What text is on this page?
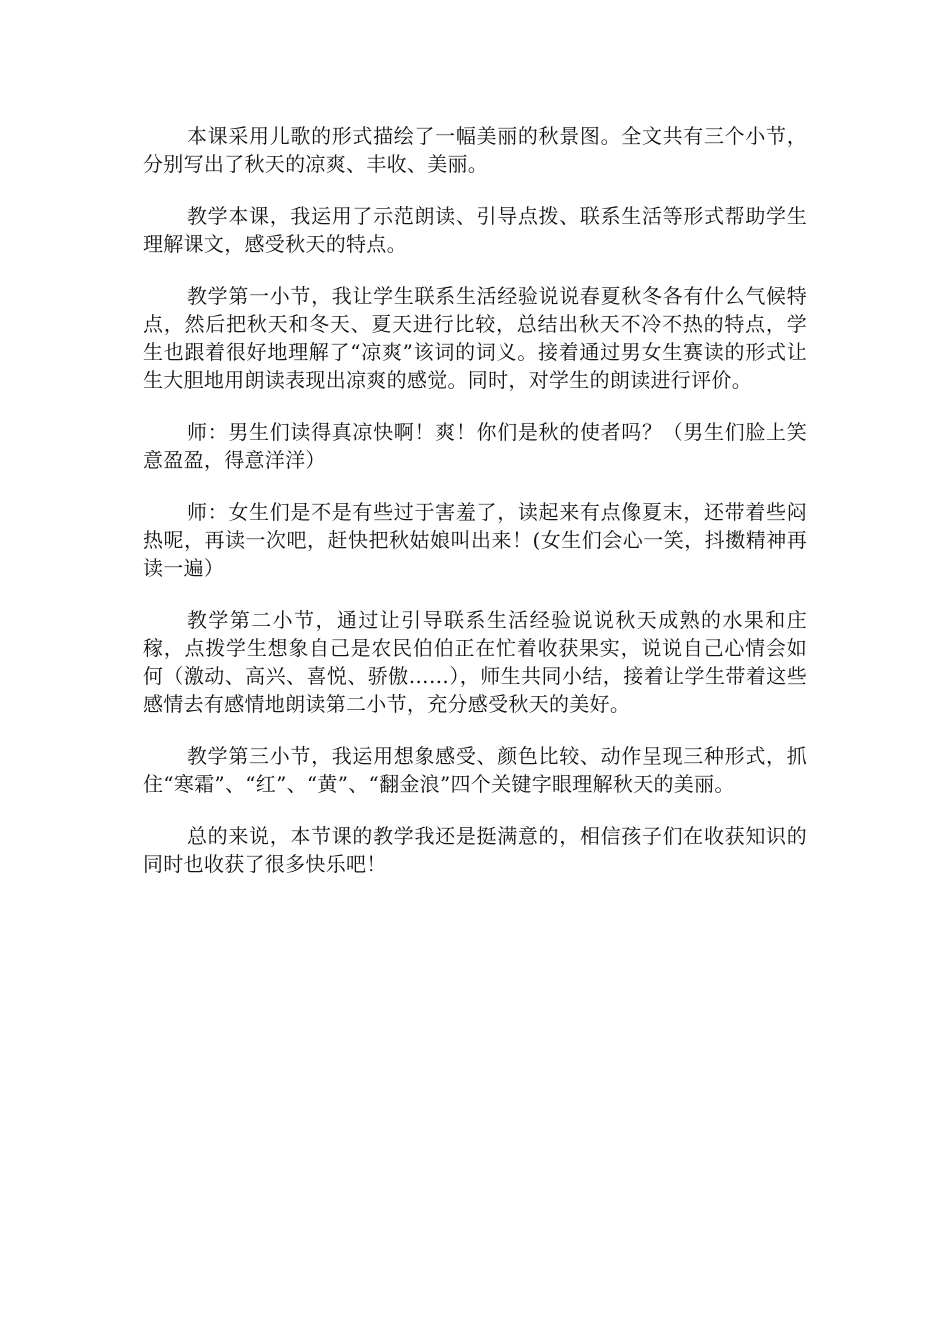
本课采用儿歌的形式描绘了一幅美丽的秋景图。全文共有三个小节，分别写出了秋天的凉爽、丰收、美丽。

教学本课，我运用了示范朗读、引导点拨、联系生活等形式帮助学生理解课文，感受秋天的特点。

教学第一小节，我让学生联系生活经验说说春夏秋冬各有什么气候特点，然后把秋天和冬天、夏天进行比较，总结出秋天不冷不热的特点，学生也跟着很好地理解了“凉爽”该词的词义。接着通过男女生赛读的形式让生大胆地用朗读表现出凉爽的感觉。同时，对学生的朗读进行评价。

师：男生们读得真凉快啊！爽！你们是秋的使者吗？（男生们脸上笑意盈盈，得意洋洋）

师：女生们是不是有些过于害羞了，读起来有点像夏末，还带着些闷热呢，再读一次吧，赶快把秋姑娘叫出来！(女生们会心一笑，抖擞精神再读一遍）

教学第二小节，通过让引导联系生活经验说说秋天成熟的水果和庄稼，点拨学生想象自己是农民伯伯正在忙着收获果实，说说自己心情会如何（激动、高兴、喜悦、骄傲……），师生共同小结，接着让学生带着这些感情去有感情地朗读第二小节，充分感受秋天的美好。

教学第三小节，我运用想象感受、颜色比较、动作呈现三种形式，抓住“寒霜”、“红”、“黄”、“翻金浪”四个关键字眼理解秋天的美丽。

总的来说，本节课的教学我还是挺满意的，相信孩子们在收获知识的同时也收获了很多快乐吧！
